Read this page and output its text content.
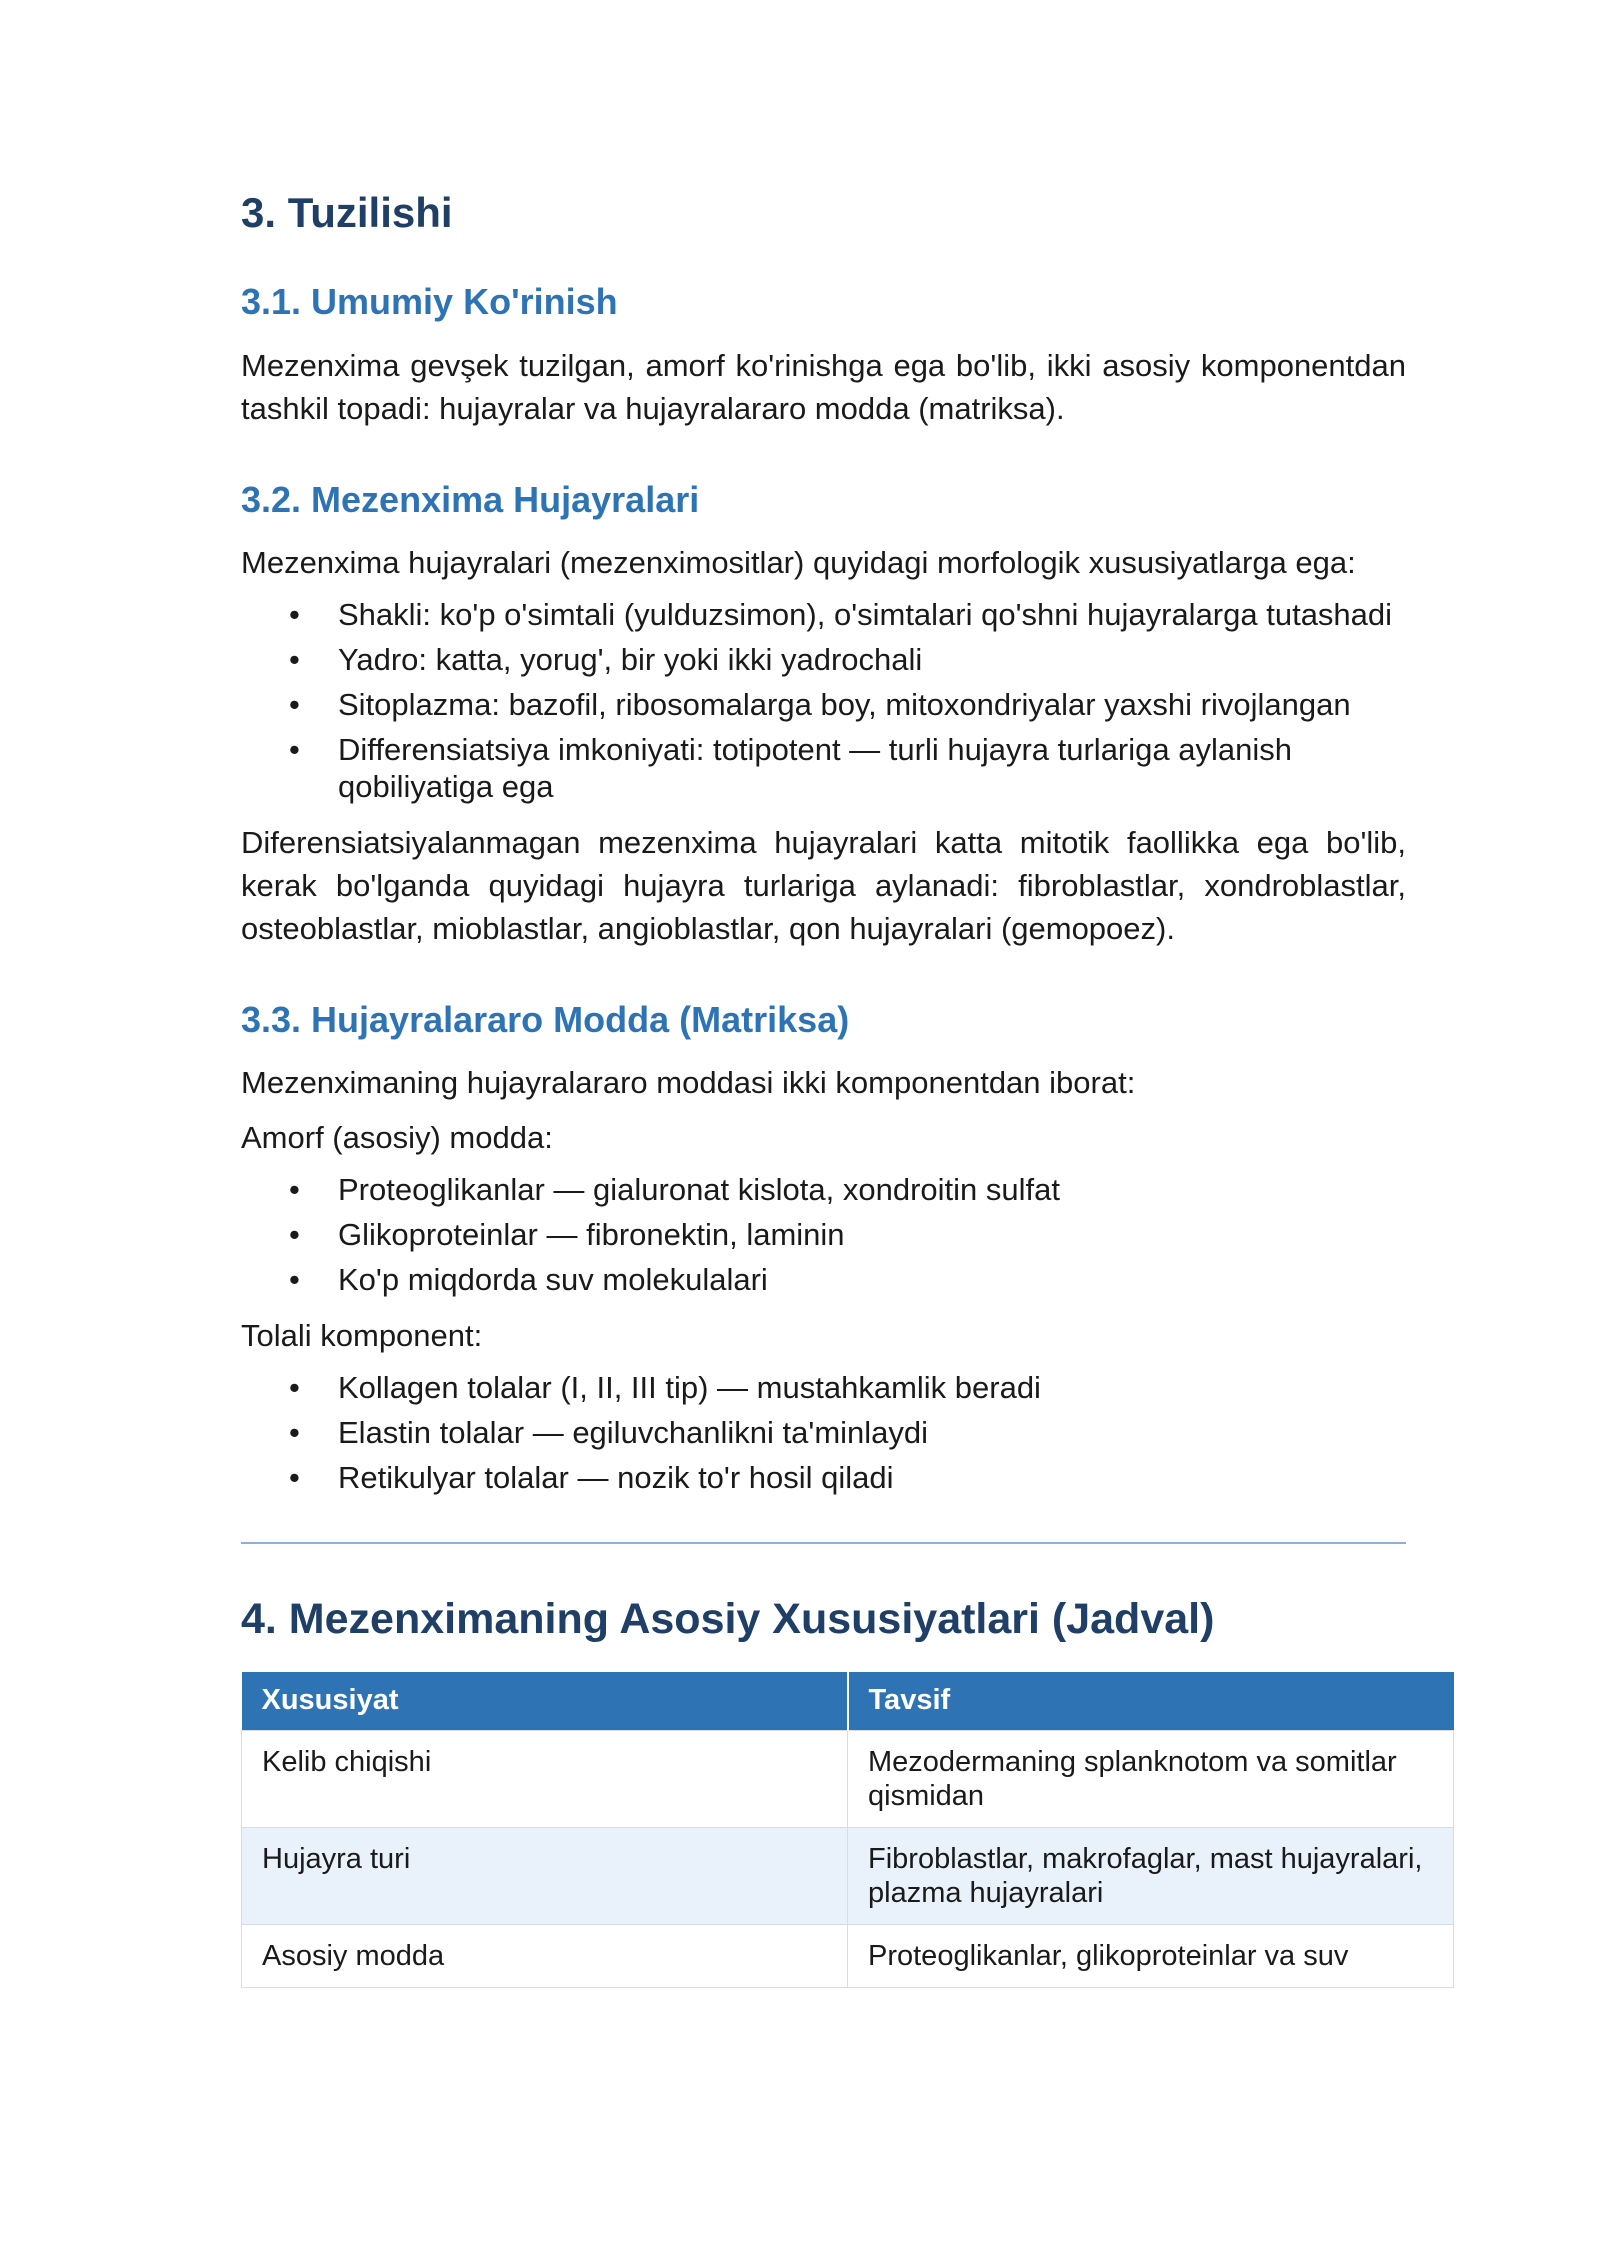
3. Tuzilishi
3.1. Umumiy Ko'rinish

Mezenxima gevşek tuzilgan, amorf ko'rinishga ega bo'lib, ikki asosiy komponentdan tashkil topadi: hujayralar va hujayralararo modda (matriksa).

3.2. Mezenxima Hujayralari

Mezenxima hujayralari (mezenximositlar) quyidagi morfologik xususiyatlarga ega:

• Shakli: ko'p o'simtali (yulduzsimon), o'simtalari qo'shni hujayralarga tutashadi
• Yadro: katta, yorug', bir yoki ikki yadrochali
• Sitoplazma: bazofil, ribosomalarga boy, mitoxondriyalar yaxshi rivojlangan
• Differensiatsiya imkoniyati: totipotent — turli hujayra turlariga aylanish qobiliyatiga ega

Diferensiatsiyalanmagan mezenxima hujayralari katta mitotik faollikka ega bo'lib, kerak bo'lganda quyidagi hujayra turlariga aylanadi: fibroblastlar, xondroblastlar, osteoblastlar, mioblastlar, angioblastlar, qon hujayralari (gemopoez).

3.3. Hujayralararo Modda (Matriksa)

Mezenximaning hujayralararo moddasi ikki komponentdan iborat:

Amorf (asosiy) modda:

• Proteoglikanlar — gialuronat kislota, xondroitin sulfat
• Glikoproteinlar — fibronektin, laminin
• Ko'p miqdorda suv molekulalari

Tolali komponent:

• Kollagen tolalar (I, II, III tip) — mustahkamlik beradi
• Elastin tolalar — egiluvchanlikni ta'minlaydi
• Retikulyar tolalar — nozik to'r hosil qiladi
4. Mezenximaning Asosiy Xususiyatlari (Jadval)
Xususiyat	Tavsif
Kelib chiqishi	Mezodermaning splanknotom va somitlar qismidan
Hujayra turi	Fibroblastlar, makrofaglar, mast hujayralari, plazma hujayralari
Asosiy modda	Proteoglikanlar, glikoproteinlar va suv
